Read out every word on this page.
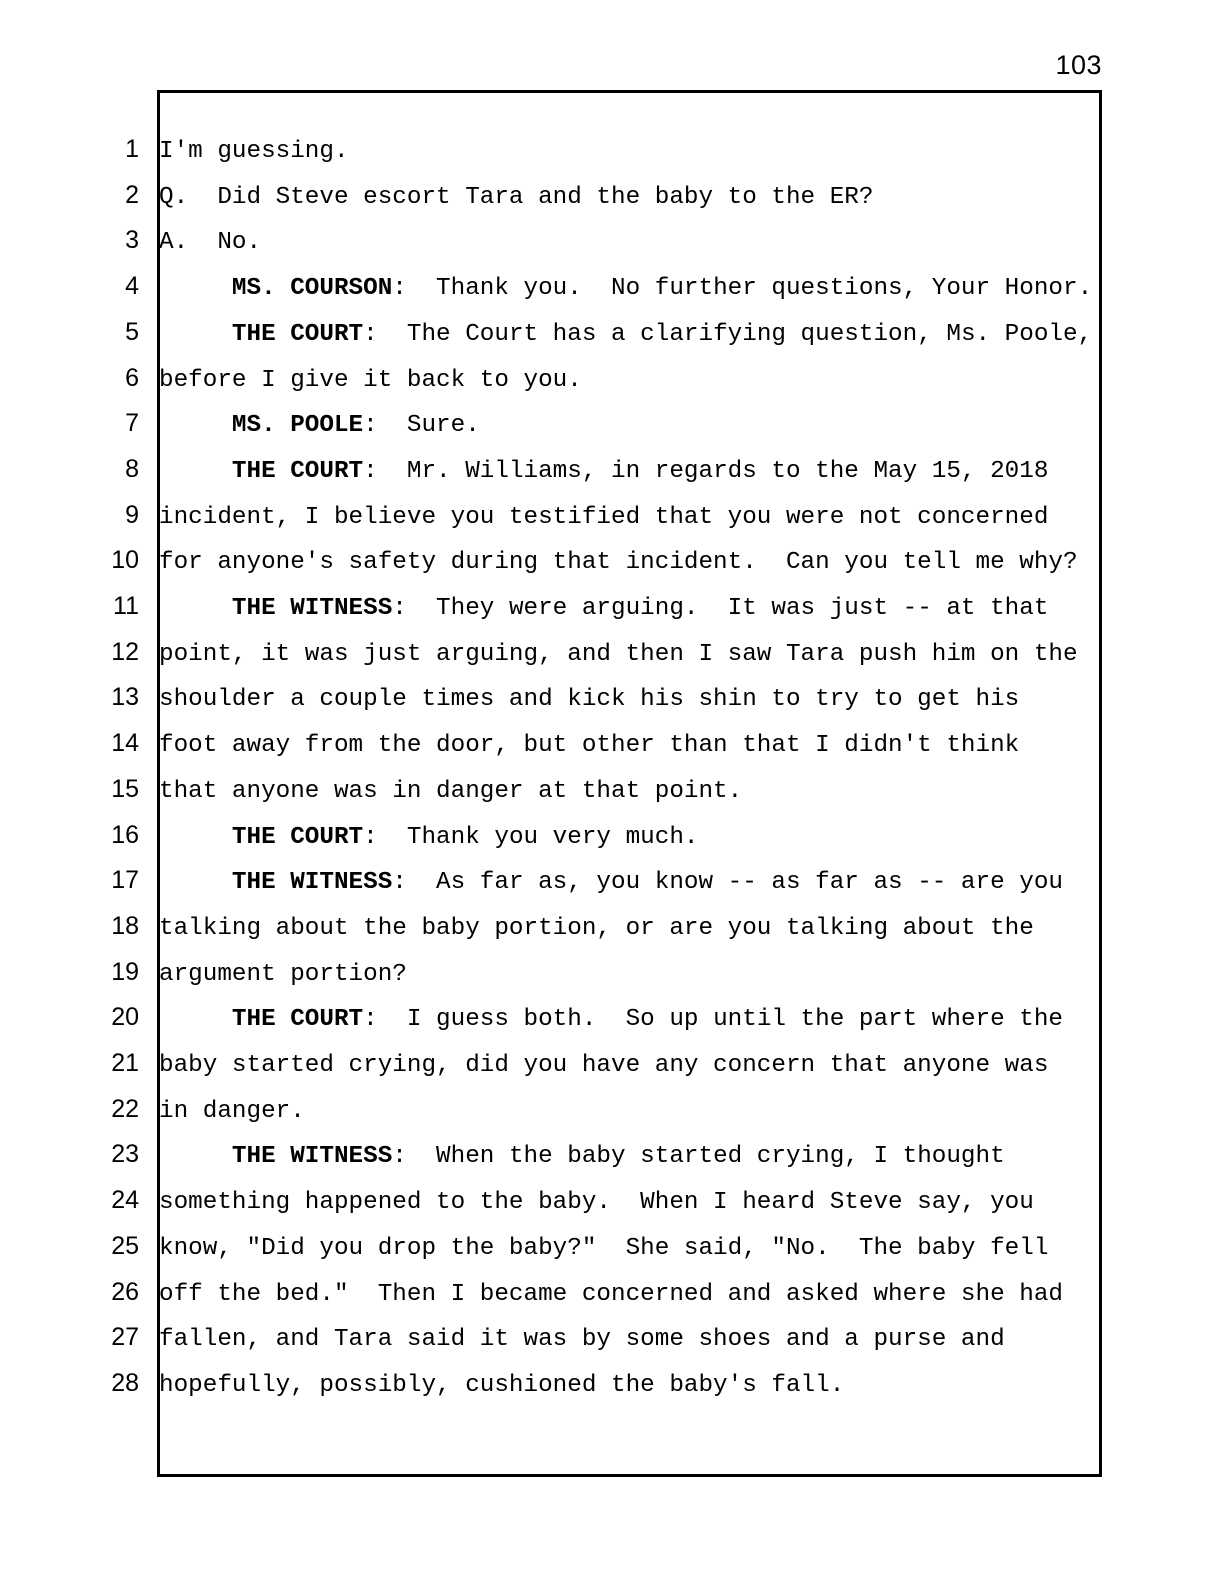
103
1 I'm guessing.
2 Q.  Did Steve escort Tara and the baby to the ER?
3 A.  No.
4	MS. COURSON:  Thank you.  No further questions, Your Honor.
5	THE COURT:  The Court has a clarifying question, Ms. Poole,
6 before I give it back to you.
7	MS. POOLE:  Sure.
8	THE COURT:  Mr. Williams, in regards to the May 15, 2018
9 incident, I believe you testified that you were not concerned
10 for anyone's safety during that incident.  Can you tell me why?
11	THE WITNESS:  They were arguing.  It was just -- at that
12 point, it was just arguing, and then I saw Tara push him on the
13 shoulder a couple times and kick his shin to try to get his
14 foot away from the door, but other than that I didn't think
15 that anyone was in danger at that point.
16	THE COURT:  Thank you very much.
17	THE WITNESS:  As far as, you know -- as far as -- are you
18 talking about the baby portion, or are you talking about the
19 argument portion?
20	THE COURT:  I guess both.  So up until the part where the
21 baby started crying, did you have any concern that anyone was
22 in danger.
23	THE WITNESS:  When the baby started crying, I thought
24 something happened to the baby.  When I heard Steve say, you
25 know, "Did you drop the baby?"  She said, "No.  The baby fell
26 off the bed."  Then I became concerned and asked where she had
27 fallen, and Tara said it was by some shoes and a purse and
28 hopefully, possibly, cushioned the baby's fall.
